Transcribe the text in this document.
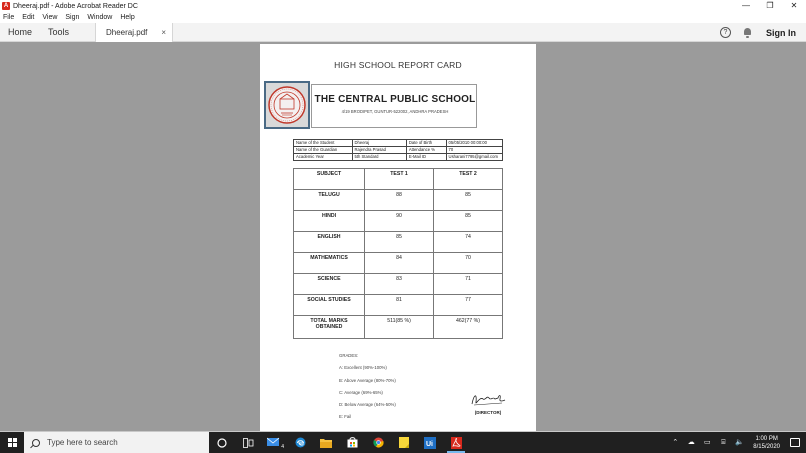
A Dheeraj.pdf - Adobe Acrobat Reader DC	—	❐	✕
File Edit View Sign Window Help
Home	Tools	Dheeraj.pdf ×	?	Sign In
HIGH SCHOOL REPORT CARD
THE CENTRAL PUBLIC SCHOOL
4/19 BRODIPET, GUNTUR-522002, ANDHRA PRADESH
Name of the Student	Dheeraj	Date of Birth	05/05/2010 00:00:00
Name of the Guardian	Rajendra Prasad	Attendance %	70
Academic Year	5th Standard	E-Mail ID	Usharani7795@gmail.com
SUBJECT	TEST 1	TEST 2
TELUGU	88	85
HINDI	90	85
ENGLISH	85	74
MATHEMATICS	84	70
SCIENCE	83	71
SOCIAL STUDIES	81	77

TOTAL MARKS
OBTAINED	511(85 %)	462(77 %)
GRADES:
A: Excellent (90%-100%)
B: Above Average (80%-70%)
C: Average (69%-65%)
D: Below Average (64%-50%)
E: Fail
(DIRECTOR)
Type here to search	4	Ui	⌃ ☁ ▭	⌸	🔈	1:00 PM
8/15/2020
